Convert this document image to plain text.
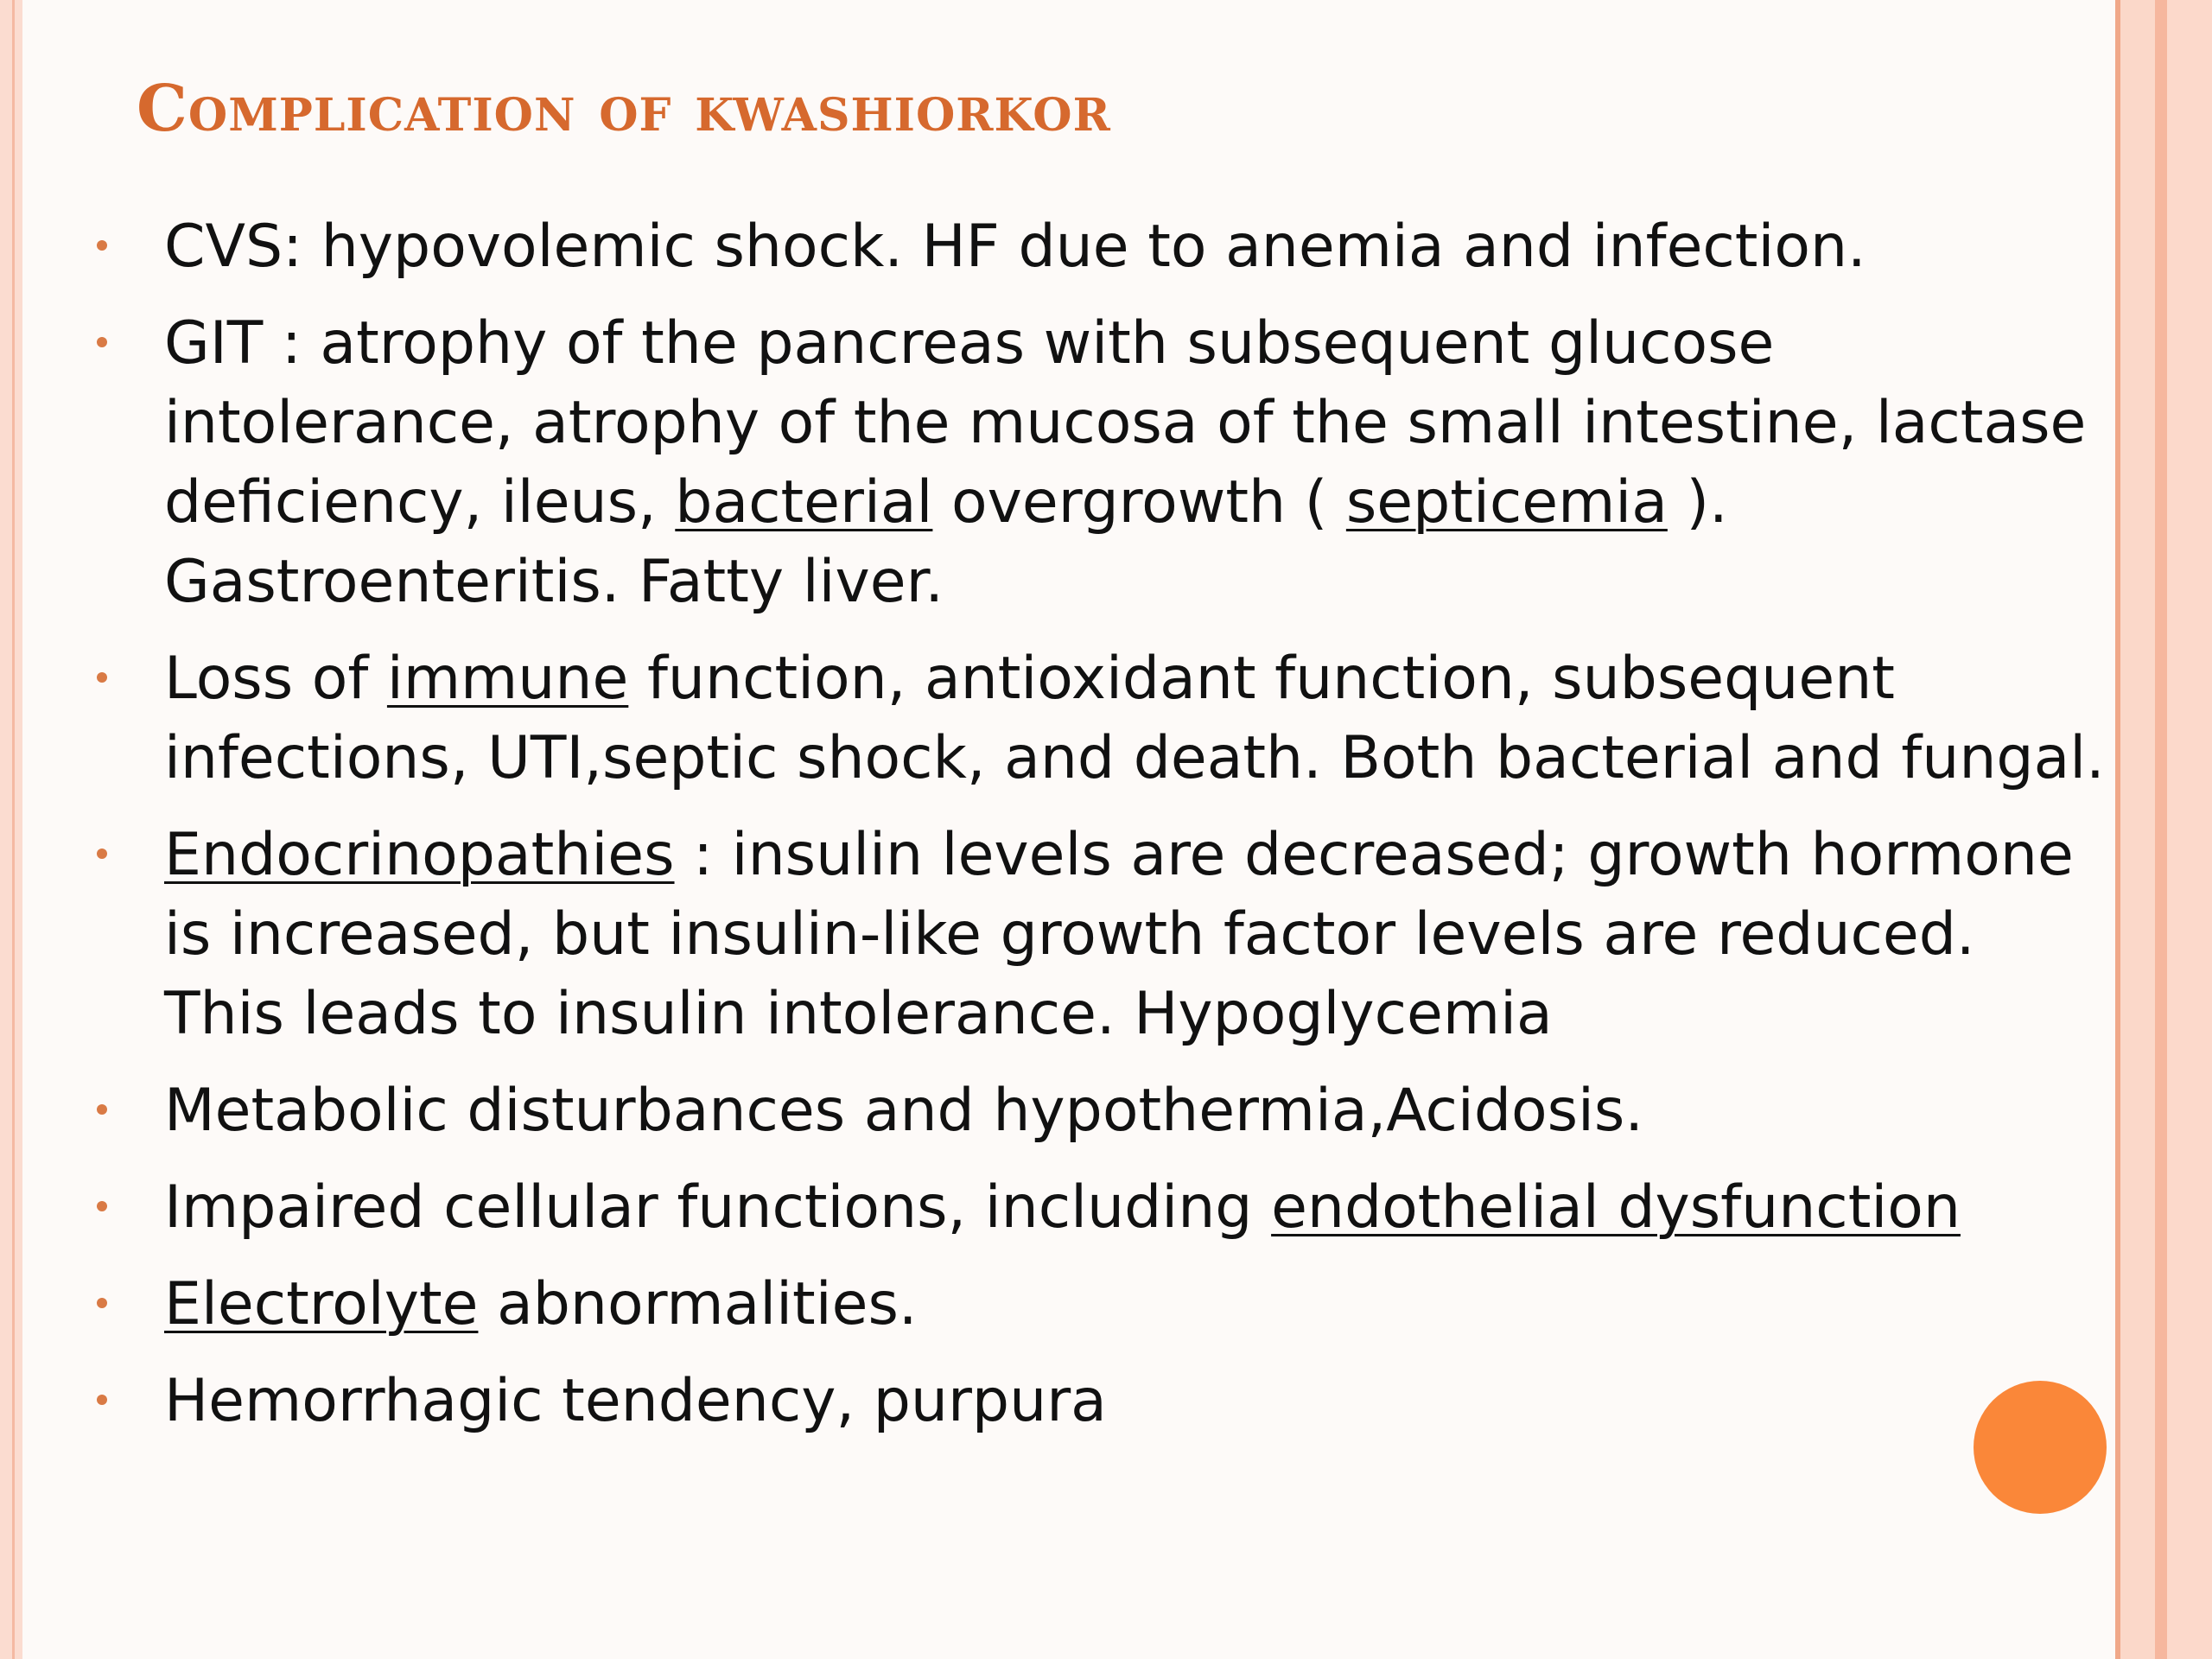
Complication of kwashiorkor
CVS: hypovolemic shock. HF due to anemia and infection.
GIT : atrophy of the pancreas with subsequent glucose intolerance, atrophy of the mucosa of the small intestine, lactase deficiency, ileus, bacterial overgrowth ( septicemia ). Gastroenteritis. Fatty liver.
Loss of immune function, antioxidant function, subsequent infections, UTI,septic shock, and death. Both bacterial and fungal.
Endocrinopathies : insulin levels are decreased; growth hormone is increased, but insulin-like growth factor levels are reduced. This leads to insulin intolerance. Hypoglycemia
Metabolic disturbances and hypothermia,Acidosis.
Impaired cellular functions, including endothelial dysfunction
Electrolyte abnormalities.
Hemorrhagic tendency, purpura
